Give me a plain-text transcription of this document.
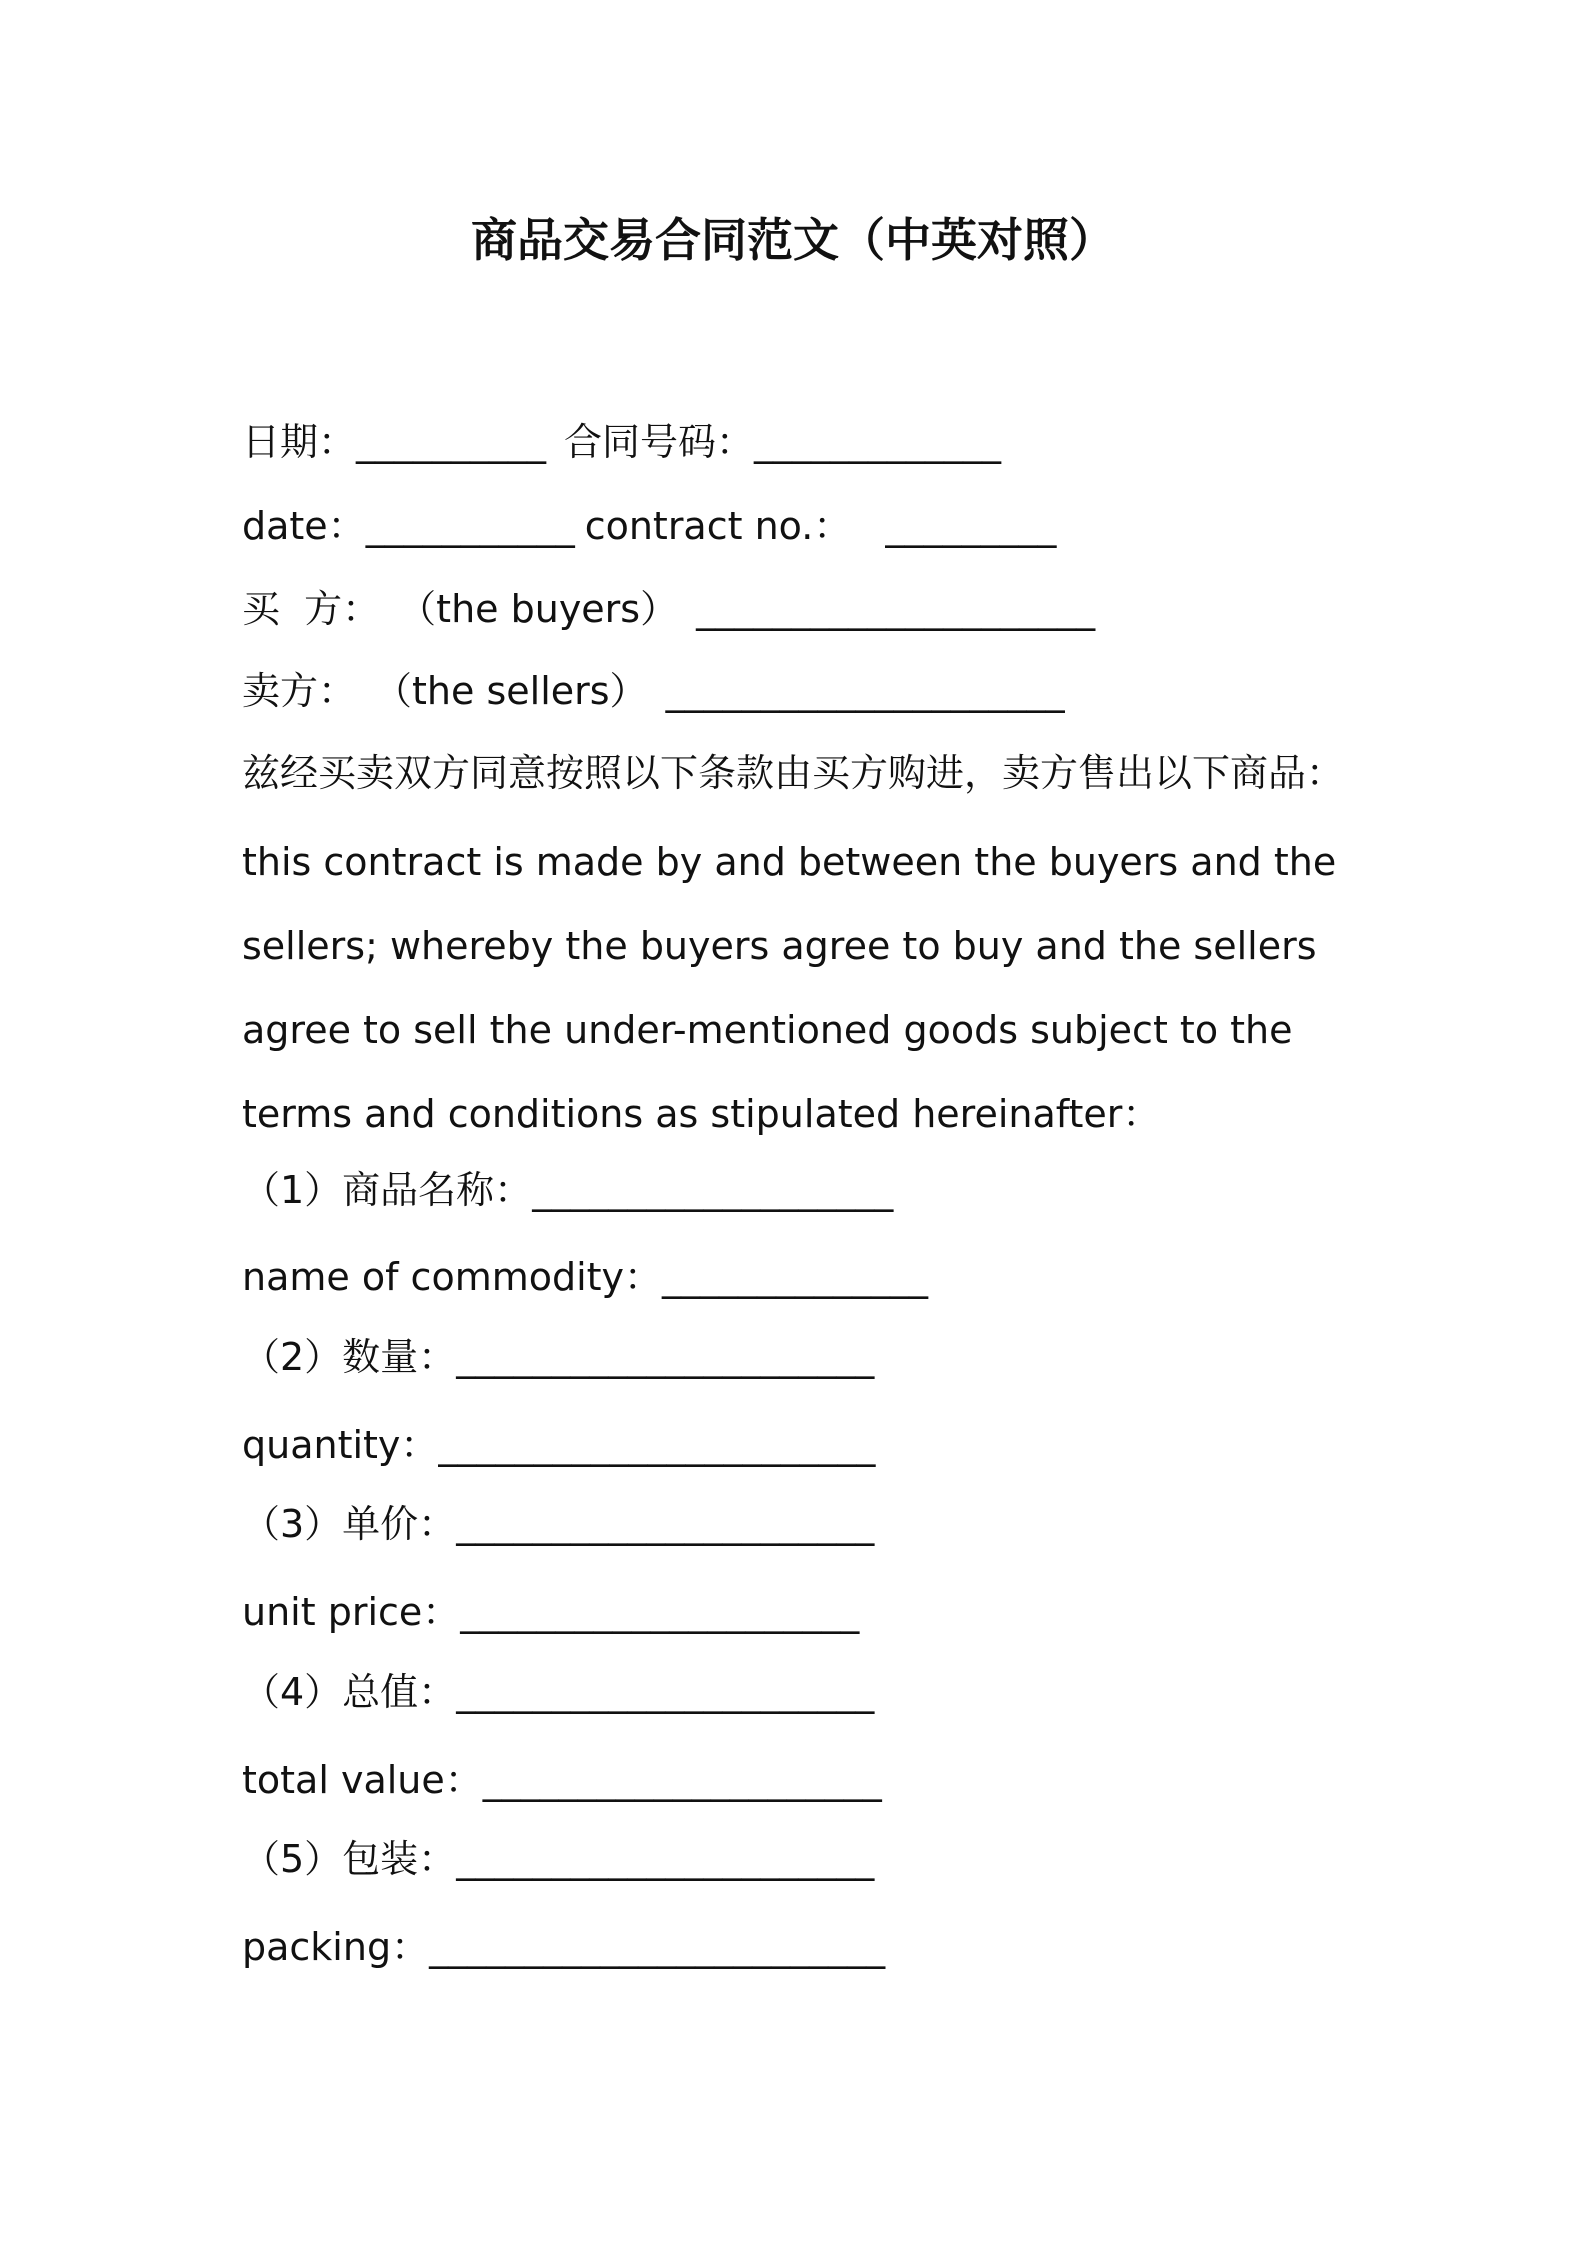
商品交易合同范文（中英对照）
日期：__________ 合同号码：_____________
date：___________ contract no.： _________
买  方： （the buyers） _____________________
卖方： （the sellers） _____________________
兹经买卖双方同意按照以下条款由买方购进，卖方售出以下商品：
this contract is made by and between the buyers and the sellers; whereby the buyers agree to buy and the sellers agree to sell the under-mentioned goods subject to the terms and conditions as stipulated hereinafter：
（1）商品名称：___________________
name of commodity：______________
（2）数量：______________________
quantity：_______________________
（3）单价：______________________
unit price：_____________________
（4）总值：______________________
total value：_____________________
（5）包装：______________________
packing：________________________
